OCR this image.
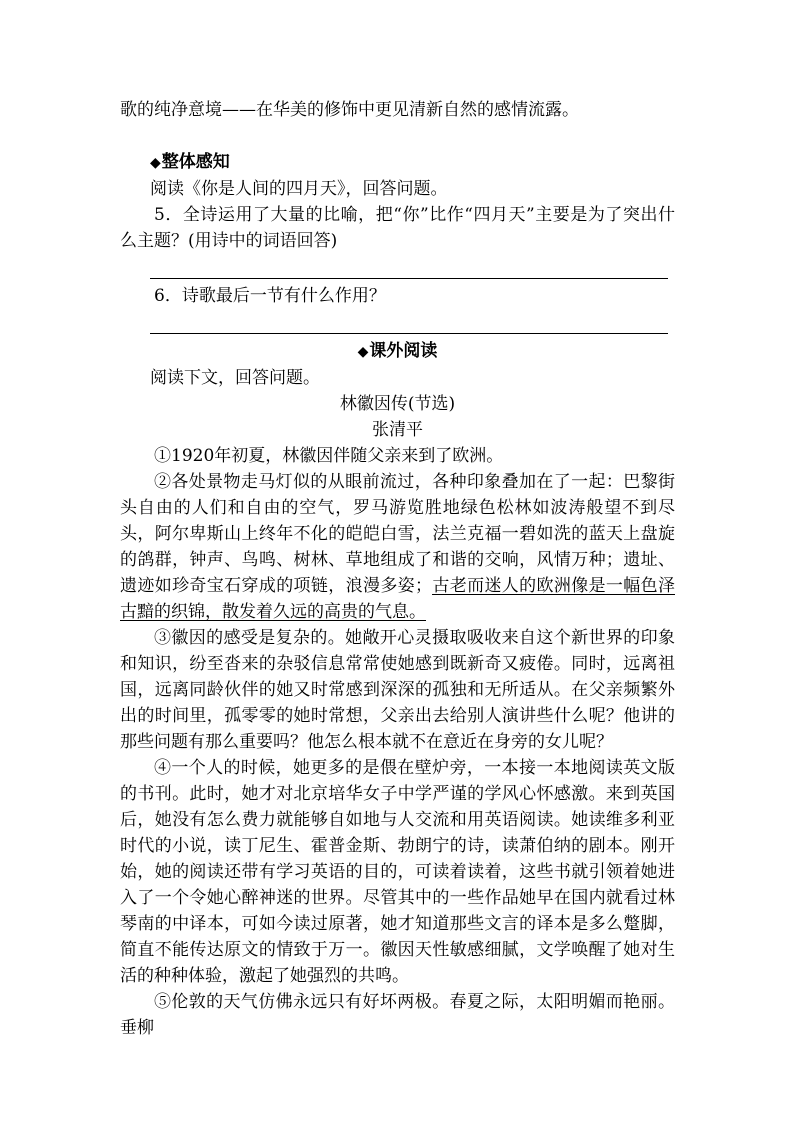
歌的纯净意境——在华美的修饰中更见清新自然的感情流露。

◆整体感知

阅读《你是人间的四月天》，回答问题。

5．全诗运用了大量的比喻，把“你”比作“四月天”主要是为了突出什么主题？(用诗中的词语回答)

6．诗歌最后一节有什么作用？

◆课外阅读

阅读下文，回答问题。

林徽因传(节选)

张清平

①1920年初夏，林徽因伴随父亲来到了欧洲。

②各处景物走马灯似的从眼前流过，各种印象叠加在了一起：巴黎街头自由的人们和自由的空气，罗马游览胜地绿色松林如波涛般望不到尽头，阿尔卑斯山上终年不化的皑皑白雪，法兰克福一碧如洗的蓝天上盘旋的鸽群，钟声、鸟鸣、树林、草地组成了和谐的交响，风情万种；遗址、遗迹如珍奇宝石穿成的项链，浪漫多姿；古老而迷人的欧洲像是一幅色泽古黯的织锦，散发着久远的高贵的气息。

③徽因的感受是复杂的。她敞开心灵摄取吸收来自这个新世界的印象和知识，纷至沓来的杂驳信息常常使她感到既新奇又疲倦。同时，远离祖国，远离同龄伙伴的她又时常感到深深的孤独和无所适从。在父亲频繁外出的时间里，孤零零的她时常想，父亲出去给别人演讲些什么呢？他讲的那些问题有那么重要吗？他怎么根本就不在意近在身旁的女儿呢？

④一个人的时候，她更多的是偎在壁炉旁，一本接一本地阅读英文版的书刊。此时，她才对北京培华女子中学严谨的学风心怀感激。来到英国后，她没有怎么费力就能够自如地与人交流和用英语阅读。她读维多利亚时代的小说，读丁尼生、霍普金斯、勃朗宁的诗，读萧伯纳的剧本。刚开始，她的阅读还带有学习英语的目的，可读着读着，这些书就引领着她进入了一个令她心醉神迷的世界。尽管其中的一些作品她早在国内就看过林琴南的中译本，可如今读过原著，她才知道那些文言的译本是多么蹩脚，简直不能传达原文的情致于万一。徽因天性敏感细腻，文学唤醒了她对生活的种种体验，激起了她强烈的共鸣。

⑤伦敦的天气仿佛永远只有好坏两极。春夏之际，太阳明媚而艳丽。垂柳
